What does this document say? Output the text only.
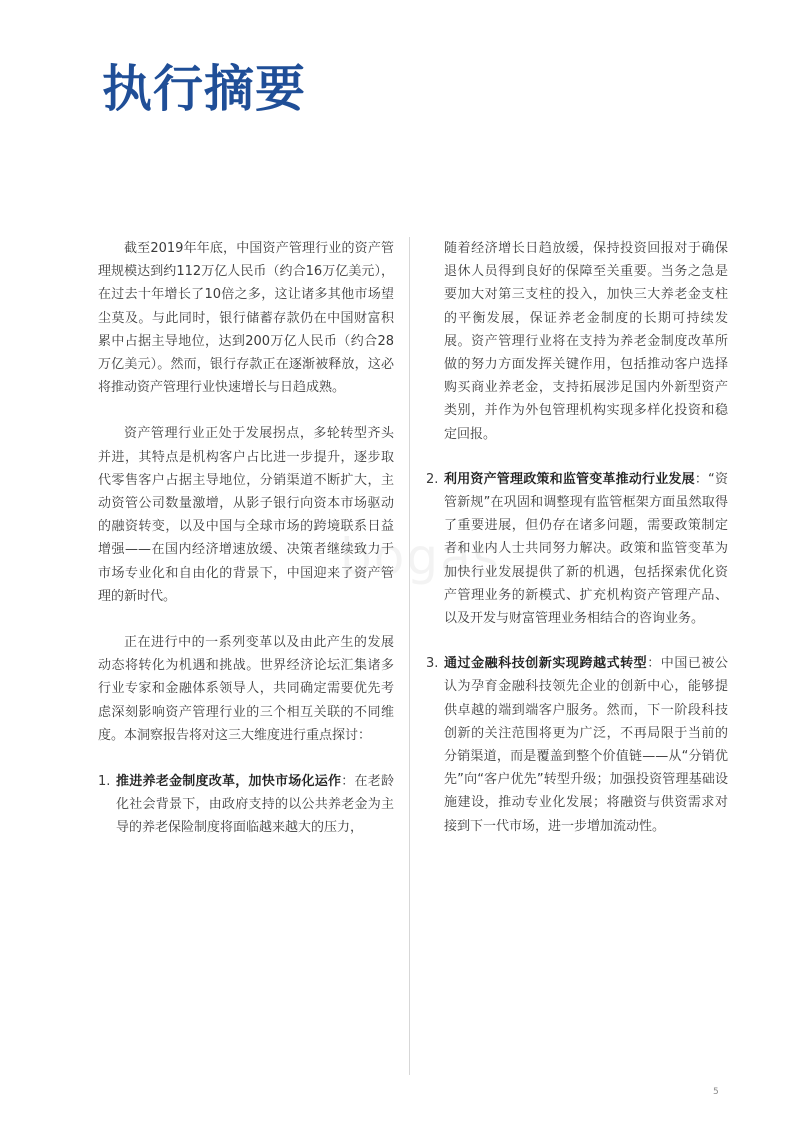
执行摘要

截至2019年年底，中国资产管理行业的资产管理规模达到约112万亿人民币（约合16万亿美元），在过去十年增长了10倍之多，这让诸多其他市场望尘莫及。与此同时，银行储蓄存款仍在中国财富积累中占据主导地位，达到200万亿人民币（约合28万亿美元）。然而，银行存款正在逐渐被释放，这必将推动资产管理行业快速增长与日趋成熟。

资产管理行业正处于发展拐点，多轮转型齐头并进，其特点是机构客户占比进一步提升，逐步取代零售客户占据主导地位，分销渠道不断扩大，主动资管公司数量激增，从影子银行向资本市场驱动的融资转变，以及中国与全球市场的跨境联系日益增强——在国内经济增速放缓、决策者继续致力于市场专业化和自由化的背景下，中国迎来了资产管理的新时代。

正在进行中的一系列变革以及由此产生的发展动态将转化为机遇和挑战。世界经济论坛汇集诸多行业专家和金融体系领导人，共同确定需要优先考虑深刻影响资产管理行业的三个相互关联的不同维度。本洞察报告将对这三大维度进行重点探讨：

1. 推进养老金制度改革，加快市场化运作：在老龄化社会背景下，由政府支持的以公共养老金为主导的养老保险制度将面临越来越大的压力，

随着经济增长日趋放缓，保持投资回报对于确保退休人员得到良好的保障至关重要。当务之急是要加大对第三支柱的投入，加快三大养老金支柱的平衡发展，保证养老金制度的长期可持续发展。资产管理行业将在支持为养老金制度改革所做的努力方面发挥关键作用，包括推动客户选择购买商业养老金，支持拓展涉足国内外新型资产类别，并作为外包管理机构实现多样化投资和稳定回报。

2. 利用资产管理政策和监管变革推动行业发展：“资管新规”在巩固和调整现有监管框架方面虽然取得了重要进展，但仍存在诸多问题，需要政策制定者和业内人士共同努力解决。政策和监管变革为加快行业发展提供了新的机遇，包括探索优化资产管理业务的新模式、扩充机构资产管理产品、以及开发与财富管理业务相结合的咨询业务。

3. 通过金融科技创新实现跨越式转型：中国已被公认为孕育金融科技领先企业的创新中心，能够提供卓越的端到端客户服务。然而，下一阶段科技创新的关注范围将更为广泛，不再局限于当前的分销渠道，而是覆盖到整个价值链——从“分销优先”向“客户优先”转型升级；加强投资管理基础设施建设，推动专业化发展；将融资与供资需求对接到下一代市场，进一步增加流动性。

5
